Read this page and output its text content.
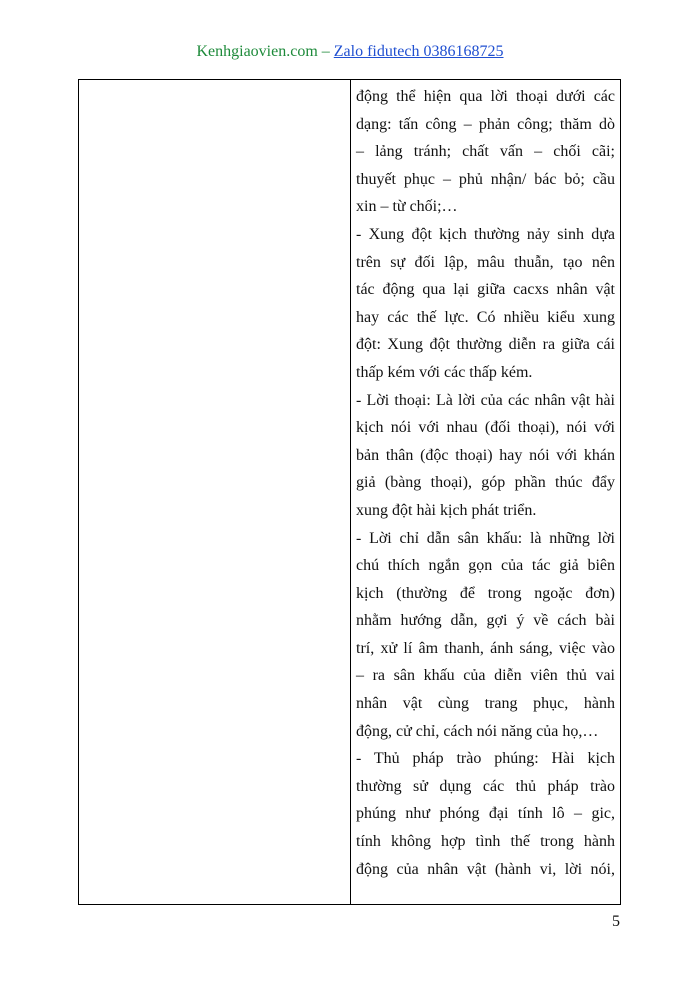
Kenhgiaovien.com – Zalo fidutech 0386168725
động thể hiện qua lời thoại dưới các
dạng: tấn công – phản công; thăm dò
– lảng tránh; chất vấn – chối cãi;
thuyết phục – phủ nhận/ bác bỏ; cầu
xin – từ chối;…
- Xung đột kịch thường nảy sinh dựa
trên sự đối lập, mâu thuẫn, tạo nên
tác động qua lại giữa cacxs nhân vật
hay các thế lực. Có nhiều kiểu xung
đột: Xung đột thường diễn ra giữa cái
thấp kém với các thấp kém.
- Lời thoại: Là lời của các nhân vật hài
kịch nói với nhau (đối thoại), nói với
bản thân (độc thoại) hay nói với khán
giả (bàng thoại), góp phần thúc đẩy
xung đột hài kịch phát triển.
- Lời chỉ dẫn sân khấu: là những lời
chú thích ngắn gọn của tác giả biên
kịch (thường để trong ngoặc đơn)
nhằm hướng dẫn, gợi ý về cách bài
trí, xử lí âm thanh, ánh sáng, việc vào
– ra sân khấu của diễn viên thủ vai
nhân vật cùng trang phục, hành
động, cử chỉ, cách nói năng của họ,…
- Thủ pháp trào phúng: Hài kịch
thường sử dụng các thủ pháp trào
phúng như phóng đại tính lô – gic,
tính không hợp tình thế trong hành
động của nhân vật (hành vi, lời nói,
5
